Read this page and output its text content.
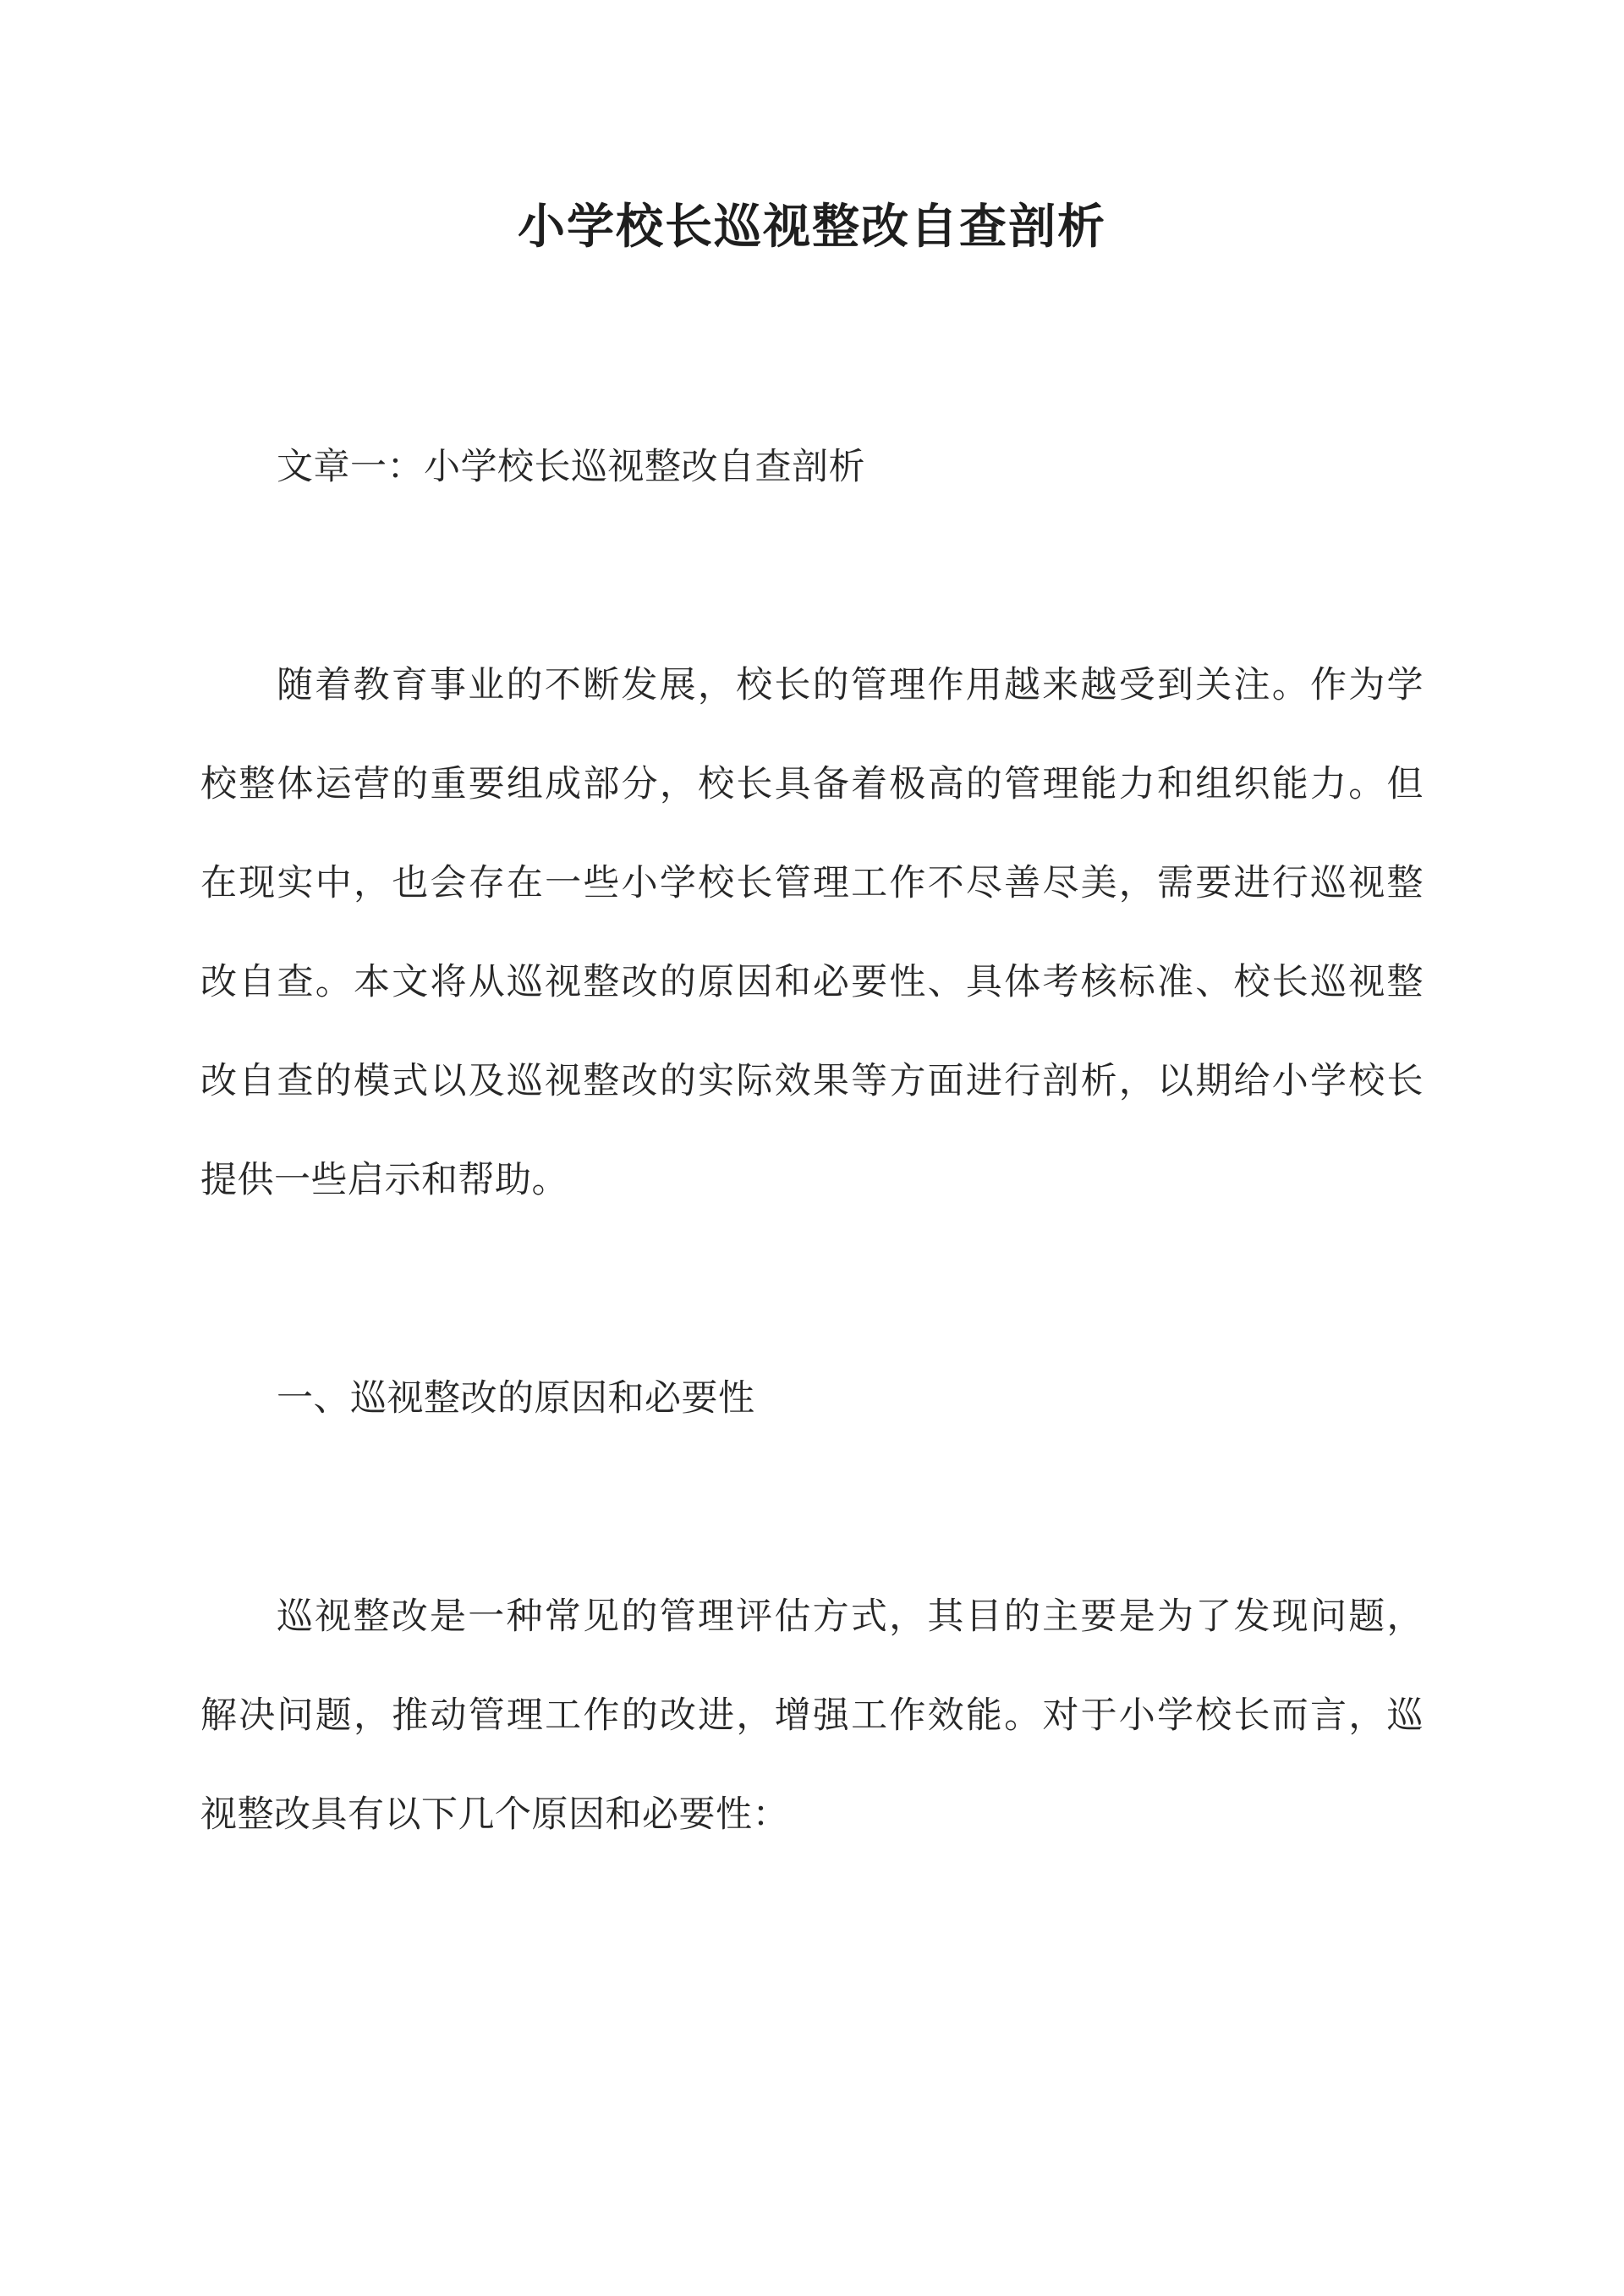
小学校长巡视整改自查剖析

文章一：小学校长巡视整改自查剖析

随着教育事业的不断发展，校长的管理作用越来越受到关注。作为学

校整体运营的重要组成部分，校长具备着极高的管理能力和组织能力。但

在现实中，也会存在一些小学校长管理工作不尽善尽美，需要进行巡视整

改自查。本文将从巡视整改的原因和必要性、具体考核标准、校长巡视整

改自查的模式以及巡视整改的实际效果等方面进行剖析，以期给小学校长

提供一些启示和帮助。

一、巡视整改的原因和必要性

巡视整改是一种常见的管理评估方式，其目的主要是为了发现问题，

解决问题，推动管理工作的改进，增强工作效能。对于小学校长而言，巡

视整改具有以下几个原因和必要性：
